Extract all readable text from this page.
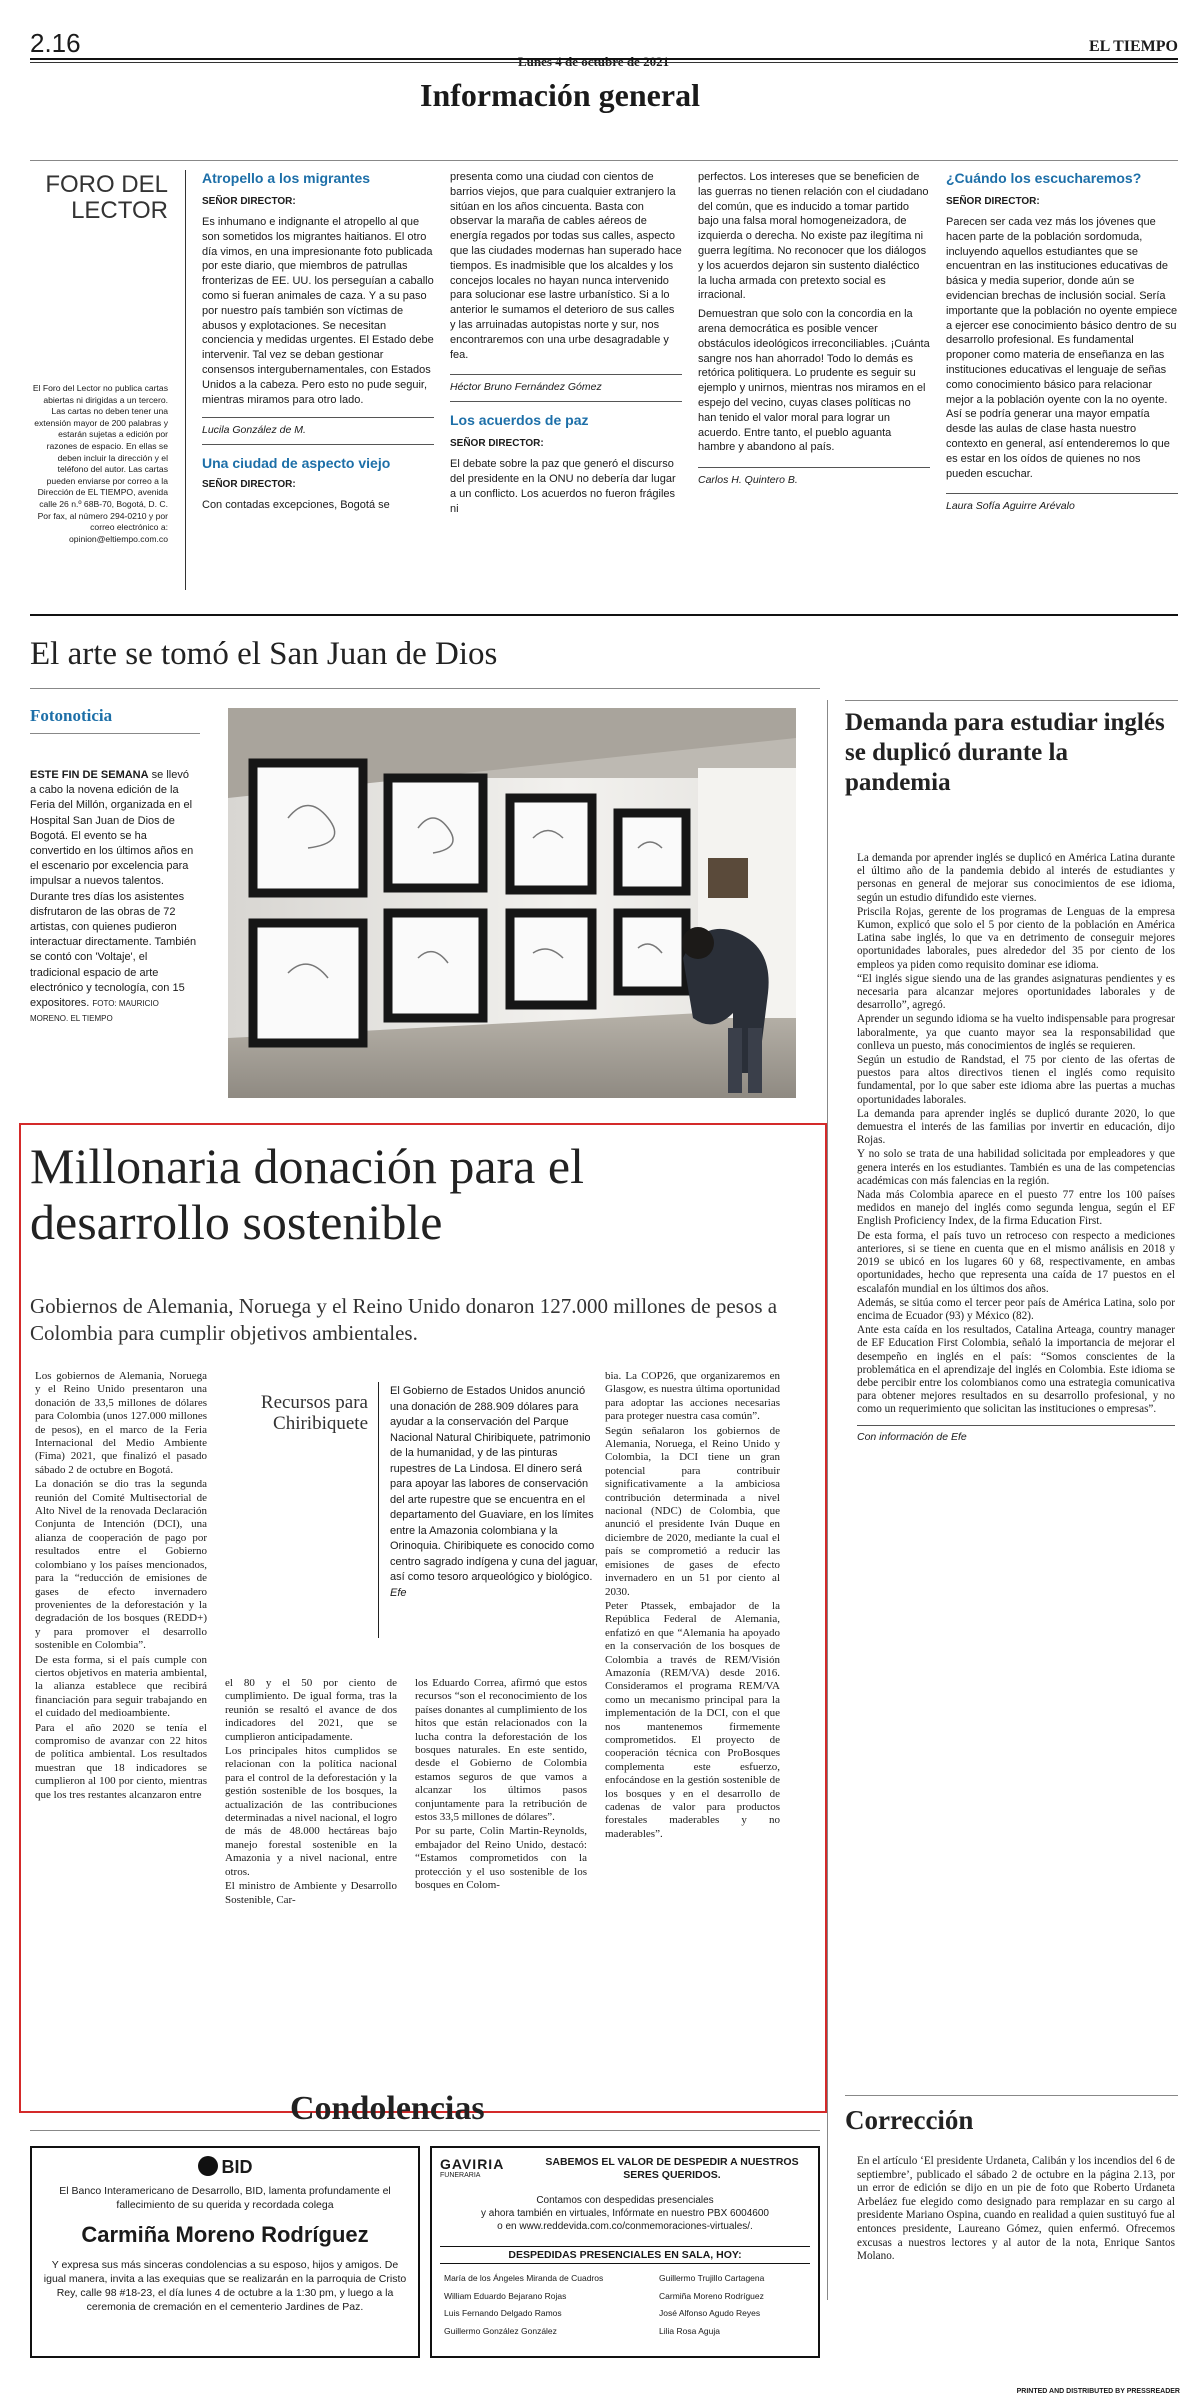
2.16	EL TIEMPO
Información general
FORO DEL
LECTOR
El Foro del Lector no publica cartas abiertas ni dirigidas a un tercero. Las cartas no deben tener una extensión mayor de 200 palabras y estarán sujetas a edición por razones de espacio. En ellas se deben incluir la dirección y el teléfono del autor. Las cartas pueden enviarse por correo a la Dirección de EL TIEMPO, avenida calle 26 n.º 68B-70, Bogotá, D. C. Por fax, al número 294-0210 y por correo electrónico a: opinion@eltiempo.com.co
Atropello a los migrantes
SEÑOR DIRECTOR:
Es inhumano e indignante el atropello al que son sometidos los migrantes haitianos. El otro día vimos, en una impresionante foto publicada por este diario, que miembros de patrullas fronterizas de EE. UU. los perseguían a caballo como si fueran animales de caza. Y a su paso por nuestro país también son víctimas de abusos y explotaciones. Se necesitan conciencia y medidas urgentes. El Estado debe intervenir. Tal vez se deban gestionar consensos intergubernamentales, con Estados Unidos a la cabeza. Pero esto no pude seguir, mientras miramos para otro lado.
Lucila González de M.
Una ciudad de aspecto viejo
SEÑOR DIRECTOR:
Con contadas excepciones, Bogotá se
presenta como una ciudad con cientos de barrios viejos, que para cualquier extranjero la sitúan en los años cincuenta. Basta con observar la maraña de cables aéreos de energía regados por todas sus calles, aspecto que las ciudades modernas han superado hace tiempos. Es inadmisible que los alcaldes y los concejos locales no hayan nunca intervenido para solucionar ese lastre urbanístico. Si a lo anterior le sumamos el deterioro de sus calles y las arruinadas autopistas norte y sur, nos encontraremos con una urbe desagradable y fea.
Héctor Bruno Fernández Gómez
Los acuerdos de paz
SEÑOR DIRECTOR:
El debate sobre la paz que generó el discurso del presidente en la ONU no debería dar lugar a un conflicto. Los acuerdos no fueron frágiles ni
perfectos. Los intereses que se beneficien de las guerras no tienen relación con el ciudadano del común, que es inducido a tomar partido bajo una falsa moral homogeneizadora, de izquierda o derecha. No existe paz ilegítima ni guerra legítima. No reconocer que los diálogos y los acuerdos dejaron sin sustento dialéctico la lucha armada con pretexto social es irracional.
Demuestran que solo con la concordia en la arena democrática es posible vencer obstáculos ideológicos irreconciliables. ¡Cuánta sangre nos han ahorrado! Todo lo demás es retórica politiquera. Lo prudente es seguir su ejemplo y unirnos, mientras nos miramos en el espejo del vecino, cuyas clases políticas no han tenido el valor moral para lograr un acuerdo. Entre tanto, el pueblo aguanta hambre y abandono al país.
Carlos H. Quintero B.
¿Cuándo los escucharemos?
SEÑOR DIRECTOR:
Parecen ser cada vez más los jóvenes que hacen parte de la población sordomuda, incluyendo aquellos estudiantes que se encuentran en las instituciones educativas de básica y media superior, donde aún se evidencian brechas de inclusión social. Sería importante que la población no oyente empiece a ejercer ese conocimiento básico dentro de su desarrollo profesional. Es fundamental proponer como materia de enseñanza en las instituciones educativas el lenguaje de señas como conocimiento básico para relacionar mejor a la población oyente con la no oyente. Así se podría generar una mayor empatía desde las aulas de clase hasta nuestro contexto en general, así entenderemos lo que es estar en los oídos de quienes no nos pueden escuchar.
Laura Sofía Aguirre Arévalo
El arte se tomó el San Juan de Dios
Fotonoticia
ESTE FIN DE SEMANA se llevó a cabo la novena edición de la Feria del Millón, organizada en el Hospital San Juan de Dios de Bogotá. El evento se ha convertido en los últimos años en el escenario por excelencia para impulsar a nuevos talentos. Durante tres días los asistentes disfrutaron de las obras de 72 artistas, con quienes pudieron interactuar directamente. También se contó con 'Voltaje', el tradicional espacio de arte electrónico y tecnología, con 15 expositores. FOTO: MAURICIO MORENO. EL TIEMPO
Millonaria donación para el desarrollo sostenible
Gobiernos de Alemania, Noruega y el Reino Unido donaron 127.000 millones de pesos a Colombia para cumplir objetivos ambientales.

Los gobiernos de Alemania, Noruega y el Reino Unido presentaron una donación de 33,5 millones de dólares para Colombia (unos 127.000 millones de pesos), en el marco de la Feria Internacional del Medio Ambiente (Fima) 2021, que finalizó el pasado sábado 2 de octubre en Bogotá.

La donación se dio tras la segunda reunión del Comité Multisectorial de Alto Nivel de la renovada Declaración Conjunta de Intención (DCI), una alianza de cooperación de pago por resultados entre el Gobierno colombiano y los países mencionados, para la “reducción de emisiones de gases de efecto invernadero provenientes de la deforestación y la degradación de los bosques (REDD+) y para promover el desarrollo sostenible en Colombia”.

De esta forma, si el país cumple con ciertos objetivos en materia ambiental, la alianza establece que recibirá financiación para seguir trabajando en el cuidado del medioambiente.

Para el año 2020 se tenía el compromiso de avanzar con 22 hitos de política ambiental. Los resultados muestran que 18 indicadores se cumplieron al 100 por ciento, mientras que los tres restantes alcanzaron entre

Recursos para Chiribiquete
El Gobierno de Estados Unidos anunció una donación de 288.909 dólares para ayudar a la conservación del Parque Nacional Natural Chiribiquete, patrimonio de la humanidad, y de las pinturas rupestres de La Lindosa. El dinero será para apoyar las labores de conservación del arte rupestre que se encuentra en el departamento del Guaviare, en los límites entre la Amazonia colombiana y la Orinoquia. Chiribiquete es conocido como centro sagrado indígena y cuna del jaguar, así como tesoro arqueológico y biológico. Efe

el 80 y el 50 por ciento de cumplimiento. De igual forma, tras la reunión se resaltó el avance de dos indicadores del 2021, que se cumplieron anticipadamente.

Los principales hitos cumplidos se relacionan con la política nacional para el control de la deforestación y la gestión sostenible de los bosques, la actualización de las contribuciones determinadas a nivel nacional, el logro de más de 48.000 hectáreas bajo manejo forestal sostenible en la Amazonia y a nivel nacional, entre otros.

El ministro de Ambiente y Desarrollo Sostenible, Car-

los Eduardo Correa, afirmó que estos recursos “son el reconocimiento de los países donantes al cumplimiento de los hitos que están relacionados con la lucha contra la deforestación de los bosques naturales. En este sentido, desde el Gobierno de Colombia estamos seguros de que vamos a alcanzar los últimos pasos conjuntamente para la retribución de estos 33,5 millones de dólares”.

Por su parte, Colin Martin-Reynolds, embajador del Reino Unido, destacó: “Estamos comprometidos con la protección y el uso sostenible de los bosques en Colom-

bia. La COP26, que organizaremos en Glasgow, es nuestra última oportunidad para adoptar las acciones necesarias para proteger nuestra casa común”.

Según señalaron los gobiernos de Alemania, Noruega, el Reino Unido y Colombia, la DCI tiene un gran potencial para contribuir significativamente a la ambiciosa contribución determinada a nivel nacional (NDC) de Colombia, que anunció el presidente Iván Duque en diciembre de 2020, mediante la cual el país se comprometió a reducir las emisiones de gases de efecto invernadero en un 51 por ciento al 2030.

Peter Ptassek, embajador de la República Federal de Alemania, enfatizó en que “Alemania ha apoyado en la conservación de los bosques de Colombia a través de REM/Visión Amazonía (REM/VA) desde 2016. Consideramos el programa REM/VA como un mecanismo principal para la implementación de la DCI, con el que nos mantenemos firmemente comprometidos. El proyecto de cooperación técnica con ProBosques complementa este esfuerzo, enfocándose en la gestión sostenible de los bosques y en el desarrollo de cadenas de valor para productos forestales maderables y no maderables”.

Demanda para estudiar inglés se duplicó durante la pandemia

La demanda por aprender inglés se duplicó en América Latina durante el último año de la pandemia debido al interés de estudiantes y personas en general de mejorar sus conocimientos de ese idioma, según un estudio difundido este viernes.

Priscila Rojas, gerente de los programas de Lenguas de la empresa Kumon, explicó que solo el 5 por ciento de la población en América Latina sabe inglés, lo que va en detrimento de conseguir mejores oportunidades laborales, pues alrededor del 35 por ciento de los empleos ya piden como requisito dominar ese idioma.

“El inglés sigue siendo una de las grandes asignaturas pendientes y es necesaria para alcanzar mejores oportunidades laborales y de desarrollo”, agregó.

Aprender un segundo idioma se ha vuelto indispensable para progresar laboralmente, ya que cuanto mayor sea la responsabilidad que conlleva un puesto, más conocimientos de inglés se requieren.

Según un estudio de Randstad, el 75 por ciento de las ofertas de puestos para altos directivos tienen el inglés como requisito fundamental, por lo que saber este idioma abre las puertas a muchas oportunidades laborales.

La demanda para aprender inglés se duplicó durante 2020, lo que demuestra el interés de las familias por invertir en educación, dijo Rojas.

Y no solo se trata de una habilidad solicitada por empleadores y que genera interés en los estudiantes. También es una de las competencias académicas con más falencias en la región.

Nada más Colombia aparece en el puesto 77 entre los 100 países medidos en manejo del inglés como segunda lengua, según el EF English Proficiency Index, de la firma Education First.

De esta forma, el país tuvo un retroceso con respecto a mediciones anteriores, si se tiene en cuenta que en el mismo análisis en 2018 y 2019 se ubicó en los lugares 60 y 68, respectivamente, en ambas oportunidades, hecho que representa una caída de 17 puestos en el escalafón mundial en los últimos dos años.

Además, se sitúa como el tercer peor país de América Latina, solo por encima de Ecuador (93) y México (82).

Ante esta caída en los resultados, Catalina Arteaga, country manager de EF Education First Colombia, señaló la importancia de mejorar el desempeño en inglés en el país: “Somos conscientes de la problemática en el aprendizaje del inglés en Colombia. Este idioma se debe percibir entre los colombianos como una estrategia comunicativa para obtener mejores resultados en su desarrollo profesional, y no como un requerimiento que solicitan las instituciones o empresas”.

Con información de Efe
Corrección
En el artículo ‘El presidente Urdaneta, Calibán y los incendios del 6 de septiembre’, publicado el sábado 2 de octubre en la página 2.13, por un error de edición se dijo en un pie de foto que Roberto Urdaneta Arbeláez fue elegido como designado para remplazar en su cargo al presidente Mariano Ospina, cuando en realidad a quien sustituyó fue al entonces presidente, Laureano Gómez, quien enfermó. Ofrecemos excusas a nuestros lectores y al autor de la nota, Enrique Santos Molano.
Condolencias
BID
El Banco Interamericano de Desarrollo, BID, lamenta profundamente el fallecimiento de su querida y recordada colega
Carmiña Moreno Rodríguez
Y expresa sus más sinceras condolencias a su esposo, hijos y amigos. De igual manera, invita a las exequias que se realizarán en la parroquia de Cristo Rey, calle 98 #18-23, el día lunes 4 de octubre a la 1:30 pm, y luego a la ceremonia de cremación en el cementerio Jardines de Paz.
GAVIRIA
FUNERARIA
SABEMOS EL VALOR DE DESPEDIR A NUESTROS SERES QUERIDOS.
Contamos con despedidas presenciales
y ahora también en virtuales, Infórmate en nuestro PBX 6004600
o en www.reddevida.com.co/conmemoraciones-virtuales/.
DESPEDIDAS PRESENCIALES EN SALA, HOY:
María de los Ángeles Miranda de Cuadros	Guillermo Trujillo Cartagena
William Eduardo Bejarano Rojas	Carmiña Moreno Rodríguez
Luis Fernando Delgado Ramos	José Alfonso Agudo Reyes
Guillermo González González	Lilia Rosa Aguja
PRINTED AND DISTRIBUTED BY PRESSREADER
